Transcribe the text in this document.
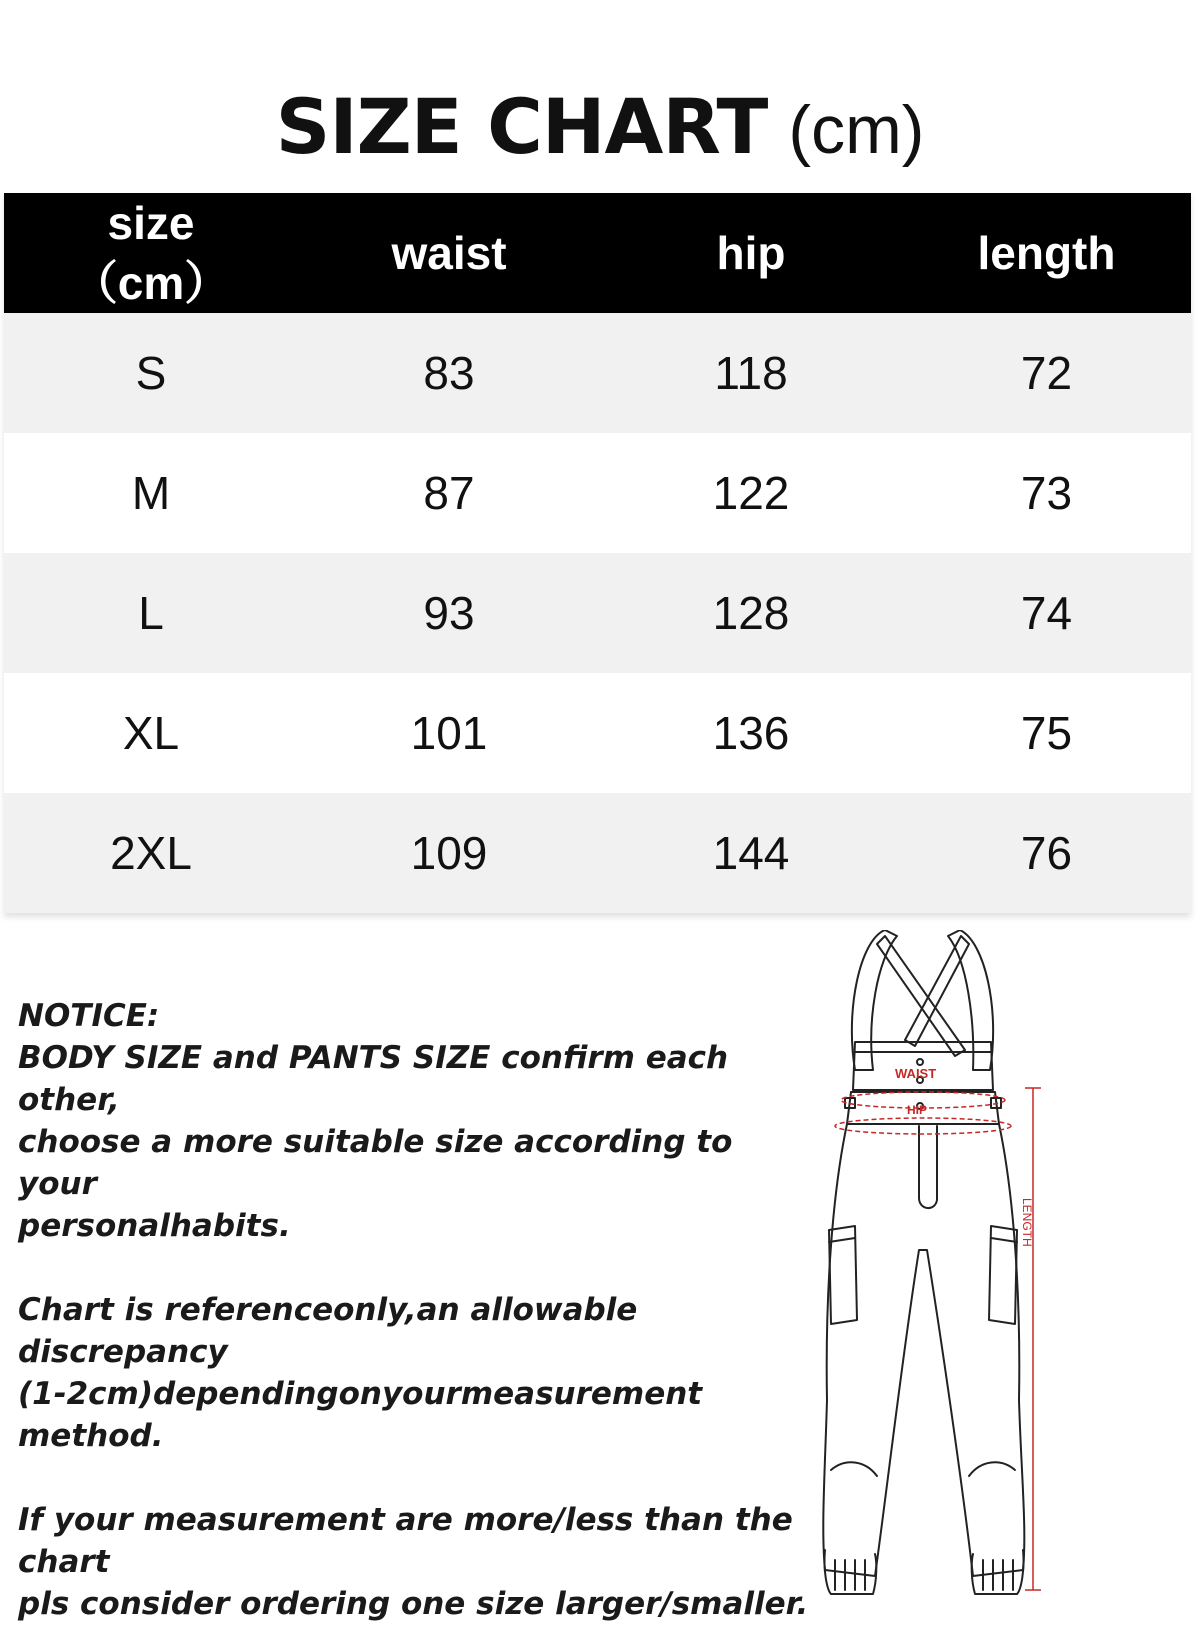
SIZE CHART (cm)
size
（cm）
waist	hip	length
S	83	118	72
M	87	122	73
L	93	128	74
XL	101	136	75
2XL	109	144	76

NOTICE:

BODY SIZE and PANTS SIZE confirm each other,

choose a more suitable size according to your

personalhabits.

Chart is referenceonly,an allowable

discrepancy

(1-2cm)dependingonyourmeasurement

method.

If your measurement are more/less than the

chart

pls consider ordering one size larger/smaller.

WAIST
HIP
LENGTH
